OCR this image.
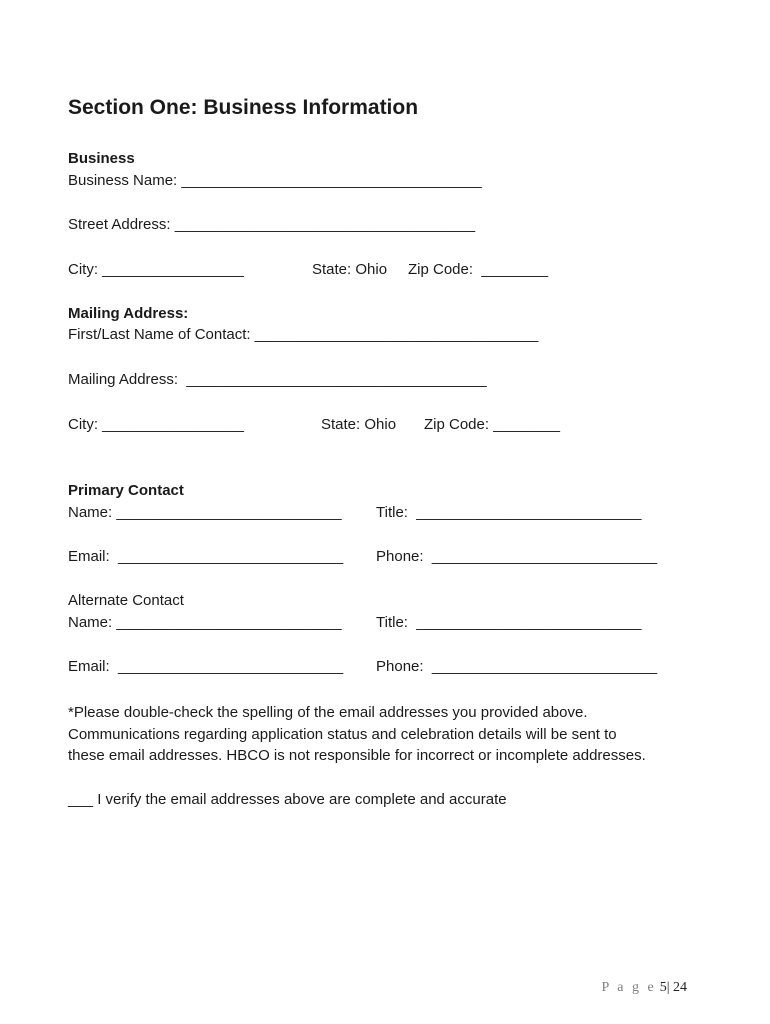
Section One: Business Information
Business
Business Name: ____________________________________
Street Address: ____________________________________
City: _________________	State: Ohio Zip Code:  ________
Mailing Address:
First/Last Name of Contact: __________________________________
Mailing Address:  ____________________________________
City: _________________	State: Ohio Zip Code: ________
Primary Contact
Name: ___________________________ Title:  ___________________________
Email:  ___________________________ Phone:  ___________________________
Alternate Contact
Name: ___________________________ Title:  ___________________________
Email:  ___________________________ Phone:  ___________________________
*Please double-check the spelling of the email addresses you provided above.
Communications regarding application status and celebration details will be sent to
these email addresses. HBCO is not responsible for incorrect or incomplete addresses.
___ I verify the email addresses above are complete and accurate
P a g e 5| 24
